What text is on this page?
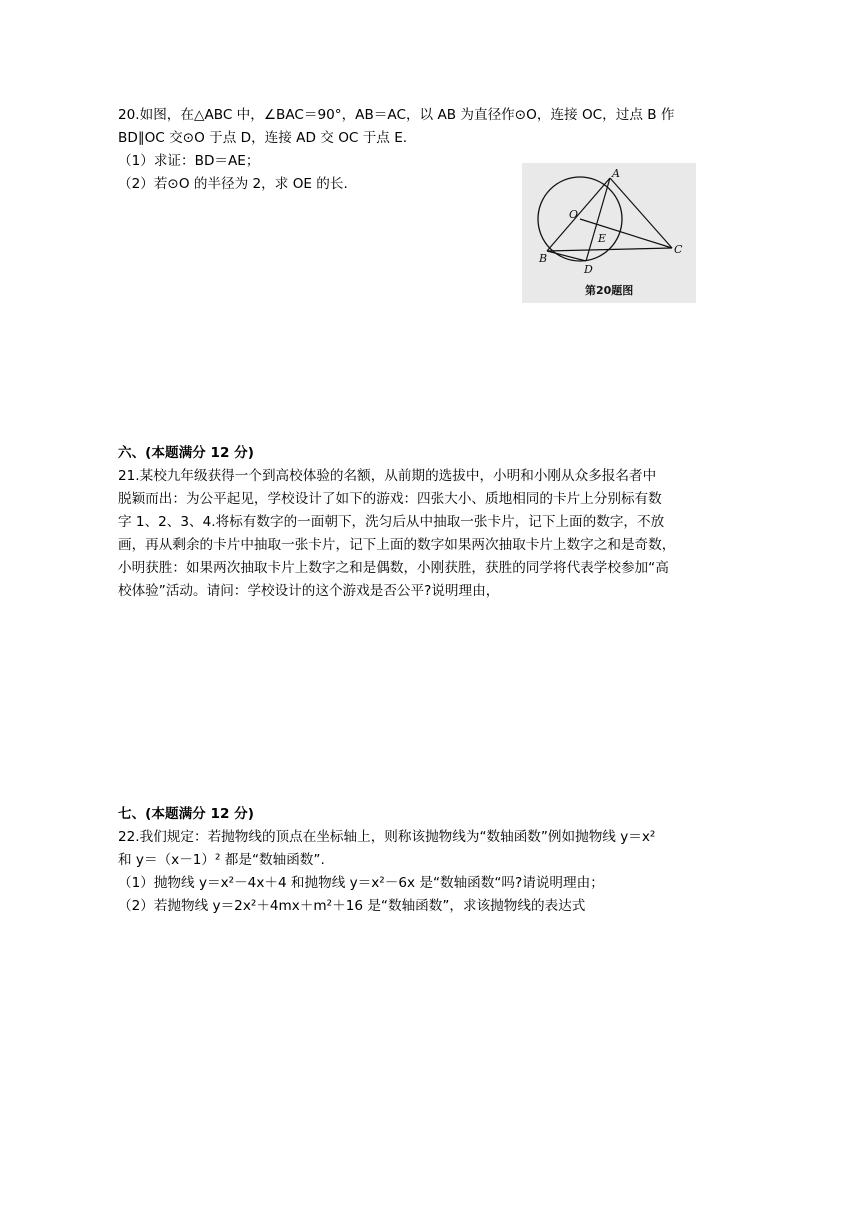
20.如图，在△ABC 中，∠BAC＝90°，AB＝AC，以 AB 为直径作⊙O，连接 OC，过点 B 作
BD∥OC 交⊙O 于点 D，连接 AD 交 OC 于点 E.
（1）求证：BD＝AE；
（2）若⊙O 的半径为 2，求 OE 的长.
A
O
E
B
D
C
第20题图
六、(本题满分 12 分)
21.某校九年级获得一个到高校体验的名额，从前期的选拔中，小明和小刚从众多报名者中
脱颖而出：为公平起见，学校设计了如下的游戏：四张大小、质地相同的卡片上分别标有数
字 1、2、3、4.将标有数字的一面朝下，洗匀后从中抽取一张卡片，记下上面的数字，不放
画，再从剩余的卡片中抽取一张卡片，记下上面的数字如果两次抽取卡片上数字之和是奇数，
小明获胜：如果两次抽取卡片上数字之和是偶数，小刚获胜，获胜的同学将代表学校参加“高
校体验”活动。请问：学校设计的这个游戏是否公平?说明理由，
七、(本题满分 12 分)
22.我们规定：若抛物线的顶点在坐标轴上，则称该抛物线为“数轴函数”例如抛物线 y＝x²
和 y＝（x－1）² 都是“数轴函数”.
（1）抛物线 y＝x²－4x＋4 和抛物线 y＝x²－6x 是“数轴函数“吗?请说明理由；
（2）若抛物线 y＝2x²＋4mx＋m²＋16 是“数轴函数”，求该抛物线的表达式
